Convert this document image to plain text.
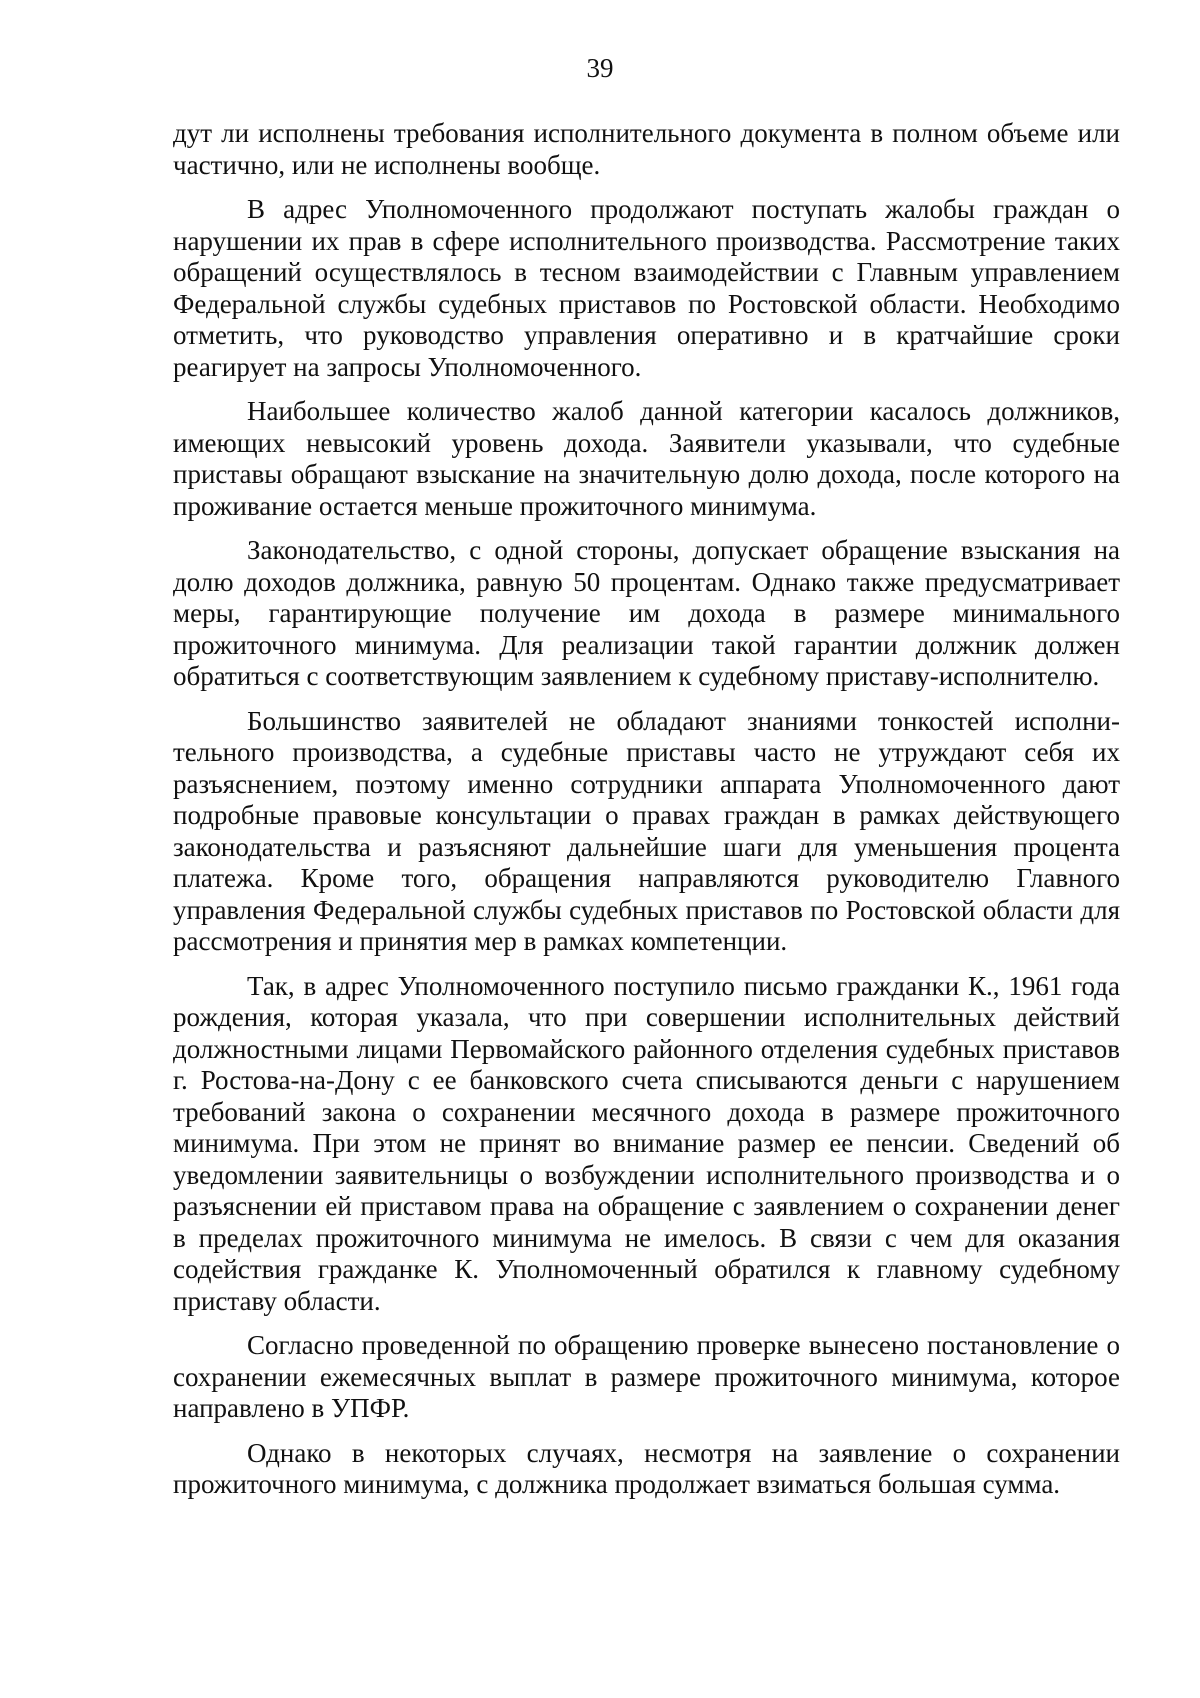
39

дут ли исполнены требования исполнительного документа в полном объеме или частично, или не исполнены вообще.

В адрес Уполномоченного продолжают поступать жалобы граждан о нарушении их прав в сфере исполнительного производства. Рассмотрение таких обращений осуществлялось в тесном взаимодействии с Главным управлением Федеральной службы судебных приставов по Ростовской области. Необходимо отметить, что руководство управления оперативно и в кратчайшие сроки реагирует на запросы Уполномоченного.

Наибольшее количество жалоб данной категории касалось должников, имеющих невысокий уровень дохода. Заявители указывали, что судебные приставы обращают взыскание на значительную долю дохода, после которого на проживание остается меньше прожиточного минимума.

Законодательство, с одной стороны, допускает обращение взыскания на долю доходов должника, равную 50 процентам. Однако также предусматривает меры, гарантирующие получение им дохода в размере минимального прожиточного минимума. Для реализации такой гарантии должник должен обратиться с соответствующим заявлением к судебному приставу-исполнителю.

Большинство заявителей не обладают знаниями тонкостей исполнительного производства, а судебные приставы часто не утруждают себя их разъяснением, поэтому именно сотрудники аппарата Уполномоченного дают подробные правовые консультации о правах граждан в рамках действующего законодательства и разъясняют дальнейшие шаги для уменьшения процента платежа. Кроме того, обращения направляются руководителю Главного управления Федеральной службы судебных приставов по Ростовской области для рассмотрения и принятия мер в рамках компетенции.

Так, в адрес Уполномоченного поступило письмо гражданки К., 1961 года рождения, которая указала, что при совершении исполнительных действий должностными лицами Первомайского районного отделения судебных приставов г. Ростова-на-Дону с ее банковского счета списываются деньги с нарушением требований закона о сохранении месячного дохода в размере прожиточного минимума. При этом не принят во внимание размер ее пенсии. Сведений об уведомлении заявительницы о возбуждении исполнительного производства и о разъяснении ей приставом права на обращение с заявлением о сохранении денег в пределах прожиточного минимума не имелось. В связи с чем для оказания содействия гражданке К. Уполномоченный обратился к главному судебному приставу области.

Согласно проведенной по обращению проверке вынесено постановление о сохранении ежемесячных выплат в размере прожиточного минимума, которое направлено в УПФР.

Однако в некоторых случаях, несмотря на заявление о сохранении прожиточного минимума, с должника продолжает взиматься большая сумма.
